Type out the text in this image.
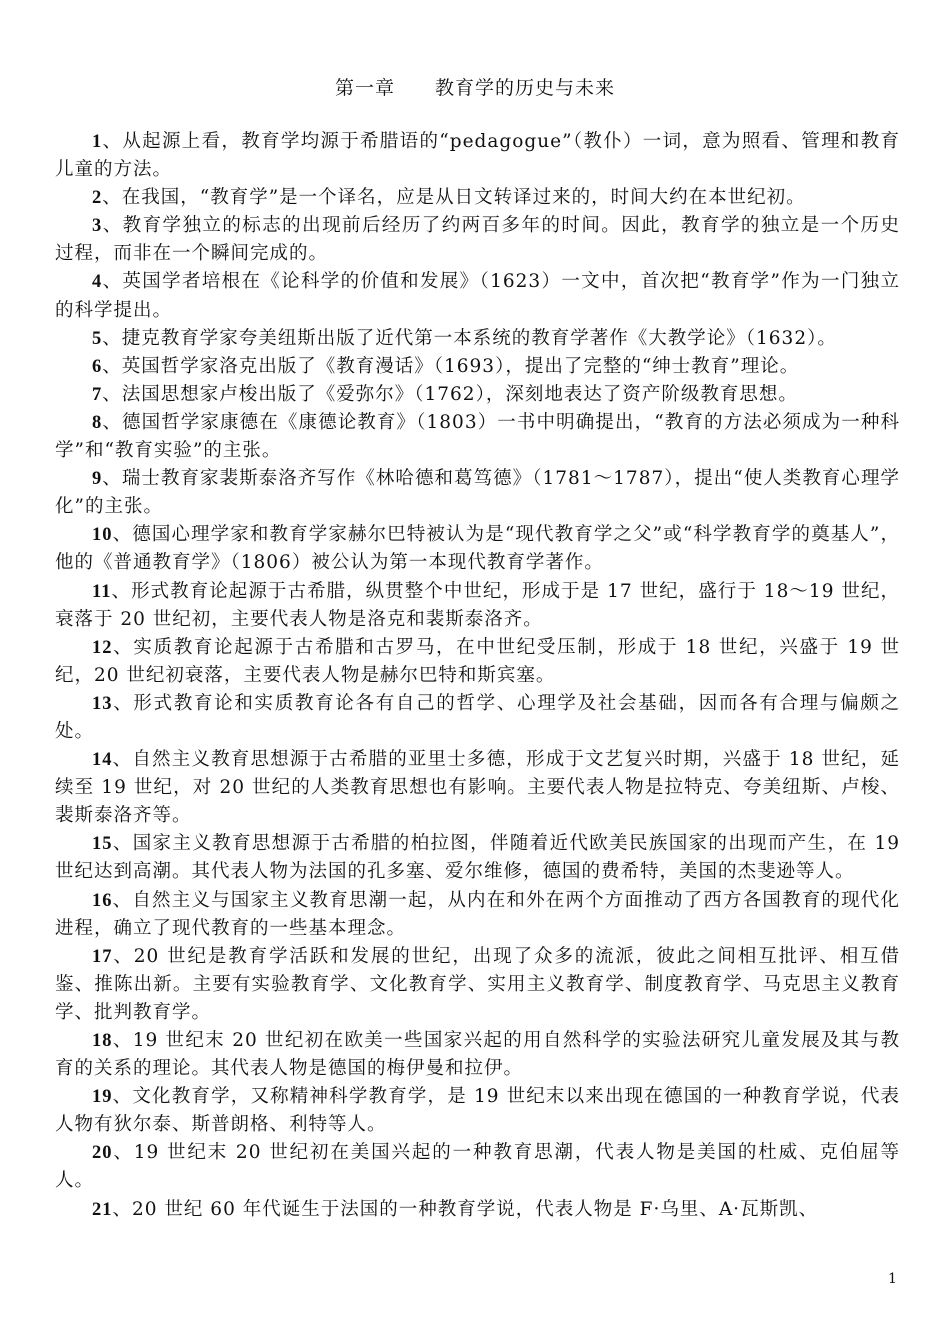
第一章　　教育学的历史与未来

1、从起源上看，教育学均源于希腊语的“pedagogue”（教仆）一词，意为照看、管理和教育儿童的方法。

2、在我国，“教育学”是一个译名，应是从日文转译过来的，时间大约在本世纪初。

3、教育学独立的标志的出现前后经历了约两百多年的时间。因此，教育学的独立是一个历史过程，而非在一个瞬间完成的。

4、英国学者培根在《论科学的价值和发展》（1623）一文中，首次把“教育学”作为一门独立的科学提出。

5、捷克教育学家夸美纽斯出版了近代第一本系统的教育学著作《大教学论》（1632）。

6、英国哲学家洛克出版了《教育漫话》（1693），提出了完整的“绅士教育”理论。

7、法国思想家卢梭出版了《爱弥尔》（1762），深刻地表达了资产阶级教育思想。

8、德国哲学家康德在《康德论教育》（1803）一书中明确提出，“教育的方法必须成为一种科学”和“教育实验”的主张。

9、瑞士教育家裴斯泰洛齐写作《林哈德和葛笃德》（1781～1787），提出“使人类教育心理学化”的主张。

10、德国心理学家和教育学家赫尔巴特被认为是“现代教育学之父”或“科学教育学的奠基人”，他的《普通教育学》（1806）被公认为第一本现代教育学著作。

11、形式教育论起源于古希腊，纵贯整个中世纪，形成于是 17 世纪，盛行于 18～19 世纪，衰落于 20 世纪初，主要代表人物是洛克和裴斯泰洛齐。

12、实质教育论起源于古希腊和古罗马，在中世纪受压制，形成于 18 世纪，兴盛于 19 世纪，20 世纪初衰落，主要代表人物是赫尔巴特和斯宾塞。

13、形式教育论和实质教育论各有自己的哲学、心理学及社会基础，因而各有合理与偏颇之处。

14、自然主义教育思想源于古希腊的亚里士多德，形成于文艺复兴时期，兴盛于 18 世纪，延续至 19 世纪，对 20 世纪的人类教育思想也有影响。主要代表人物是拉特克、夸美纽斯、卢梭、裴斯泰洛齐等。

15、国家主义教育思想源于古希腊的柏拉图，伴随着近代欧美民族国家的出现而产生，在 19 世纪达到高潮。其代表人物为法国的孔多塞、爱尔维修，德国的费希特，美国的杰斐逊等人。

16、自然主义与国家主义教育思潮一起，从内在和外在两个方面推动了西方各国教育的现代化进程，确立了现代教育的一些基本理念。

17、20 世纪是教育学活跃和发展的世纪，出现了众多的流派，彼此之间相互批评、相互借鉴、推陈出新。主要有实验教育学、文化教育学、实用主义教育学、制度教育学、马克思主义教育学、批判教育学。

18、19 世纪末 20 世纪初在欧美一些国家兴起的用自然科学的实验法研究儿童发展及其与教育的关系的理论。其代表人物是德国的梅伊曼和拉伊。

19、文化教育学，又称精神科学教育学，是 19 世纪末以来出现在德国的一种教育学说，代表人物有狄尔泰、斯普朗格、利特等人。

20、19 世纪末 20 世纪初在美国兴起的一种教育思潮，代表人物是美国的杜威、克伯屈等人。

21、20 世纪 60 年代诞生于法国的一种教育学说，代表人物是 F·乌里、A·瓦斯凯、

1
